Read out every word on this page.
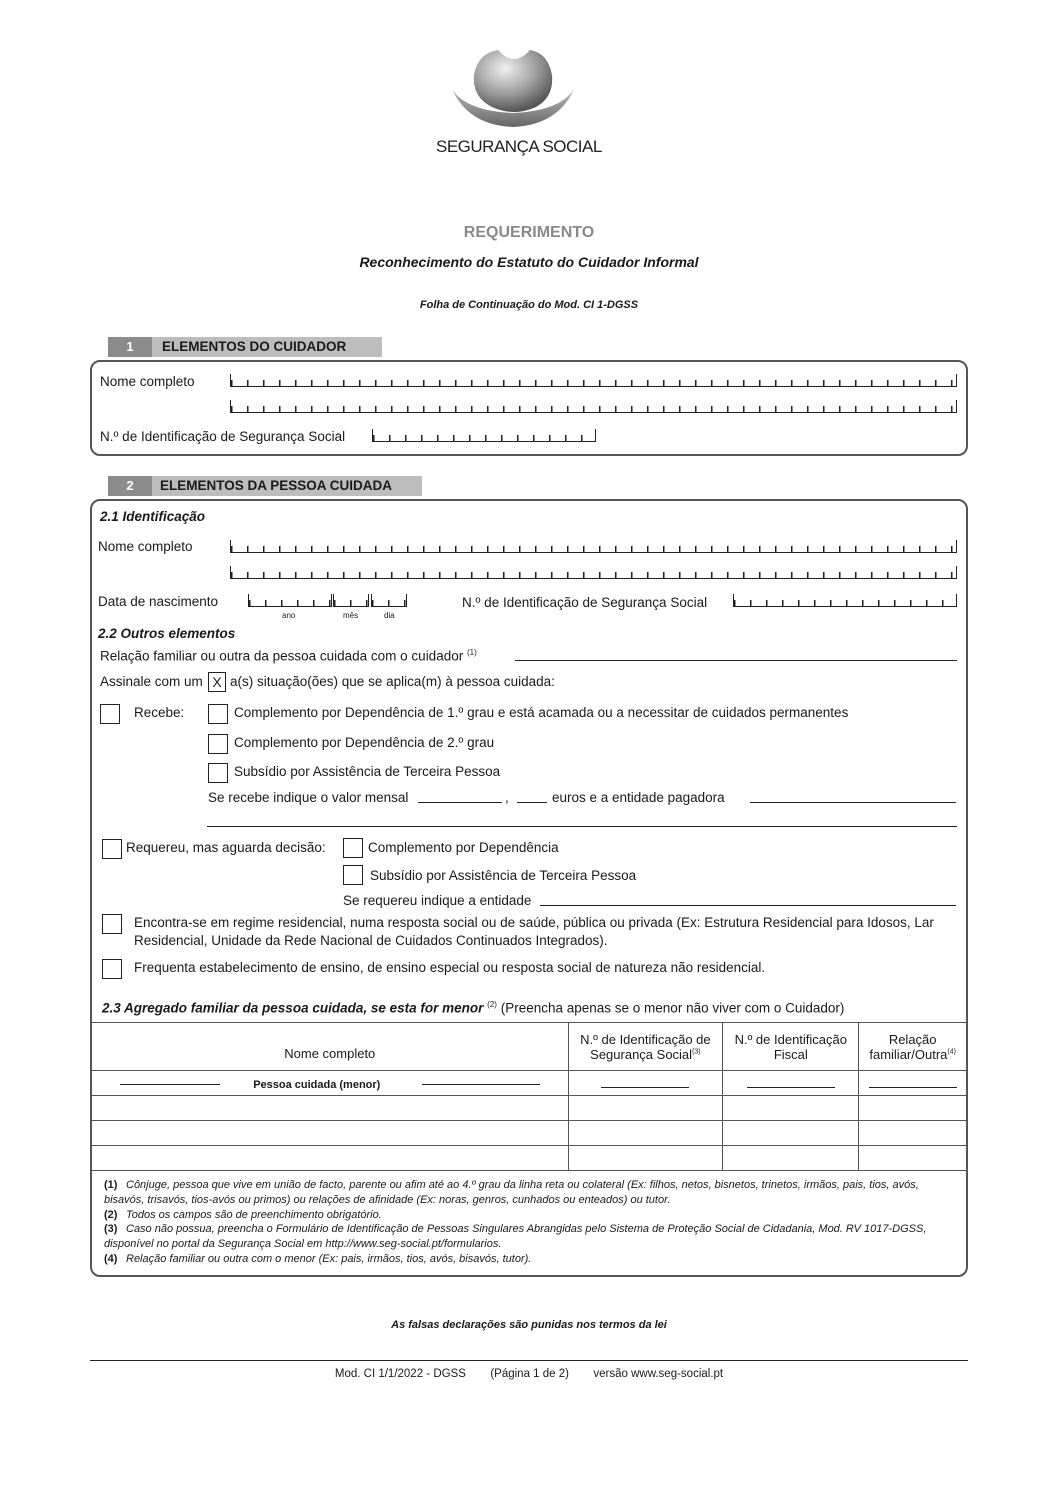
SEGURANÇA SOCIAL
REQUERIMENTO
Reconhecimento do Estatuto do Cuidador Informal
Folha de Continuação do Mod. CI 1-DGSS
1	ELEMENTOS DO CUIDADOR
Nome completo
N.º de Identificação de Segurança Social
2	ELEMENTOS DA PESSOA CUIDADA
2.1 Identificação
Nome completo
Data de nascimento
ano	mês	dia
N.º de Identificação de Segurança Social
2.2 Outros elementos
Relação familiar ou outra da pessoa cuidada com o cuidador $^{(1)}$
Assinale com um X a(s) situação(ões) que se aplica(m) à pessoa cuidada:
Recebe:	Complemento por Dependência de 1.º grau e está acamada ou a necessitar de cuidados permanentes
Complemento por Dependência de 2.º grau
Subsídio por Assistência de Terceira Pessoa
Se recebe indique o valor mensal	,	euros e a entidade pagadora
Requereu, mas aguarda decisão:	Complemento por Dependência
Subsídio por Assistência de Terceira Pessoa
Se requereu indique a entidade
Encontra-se em regime residencial, numa resposta social ou de saúde, pública ou privada (Ex: Estrutura Residencial para Idosos, Lar Residencial, Unidade da Rede Nacional de Cuidados Continuados Integrados).
Frequenta estabelecimento de ensino, de ensino especial ou resposta social de natureza não residencial.
2.3 Agregado familiar da pessoa cuidada, se esta for menor $^{(2)}$ (Preencha apenas se o menor não viver com o Cuidador)
Nome completo	N.º de Identificação de Segurança Social$^{(3)}$	N.º de Identificação Fiscal	Relação familiar/Outra$^{(4)}$
Pessoa cuidada (menor)			

(1) Cônjuge, pessoa que vive em união de facto, parente ou afim até ao 4.º grau da linha reta ou colateral (Ex: filhos, netos, bisnetos, trinetos, irmãos, pais, tios, avós, bisavós, trisavós, tios-avós ou primos) ou relações de afinidade (Ex: noras, genros, cunhados ou enteados) ou tutor.
(2) Todos os campos são de preenchimento obrigatório.
(3) Caso não possua, preencha o Formulário de Identificação de Pessoas Singulares Abrangidas pelo Sistema de Proteção Social de Cidadania, Mod. RV 1017-DGSS, disponível no portal da Segurança Social em http://www.seg-social.pt/formularios.
(4) Relação familiar ou outra com o menor (Ex: pais, irmãos, tios, avós, bisavós, tutor).
As falsas declarações são punidas nos termos da lei
Mod. CI 1/1/2022 - DGSS (Página 1 de 2) versão www.seg-social.pt
